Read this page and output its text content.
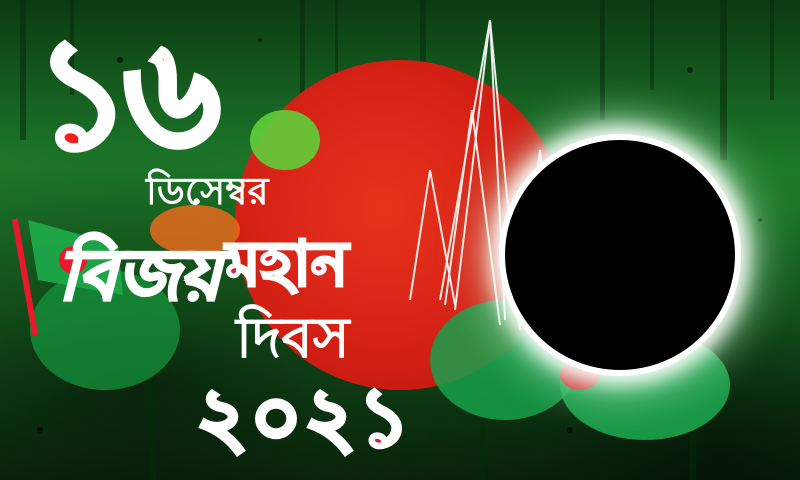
১৬
ডিসেম্বর
বিজয় মহান
দিবস
২০২১
